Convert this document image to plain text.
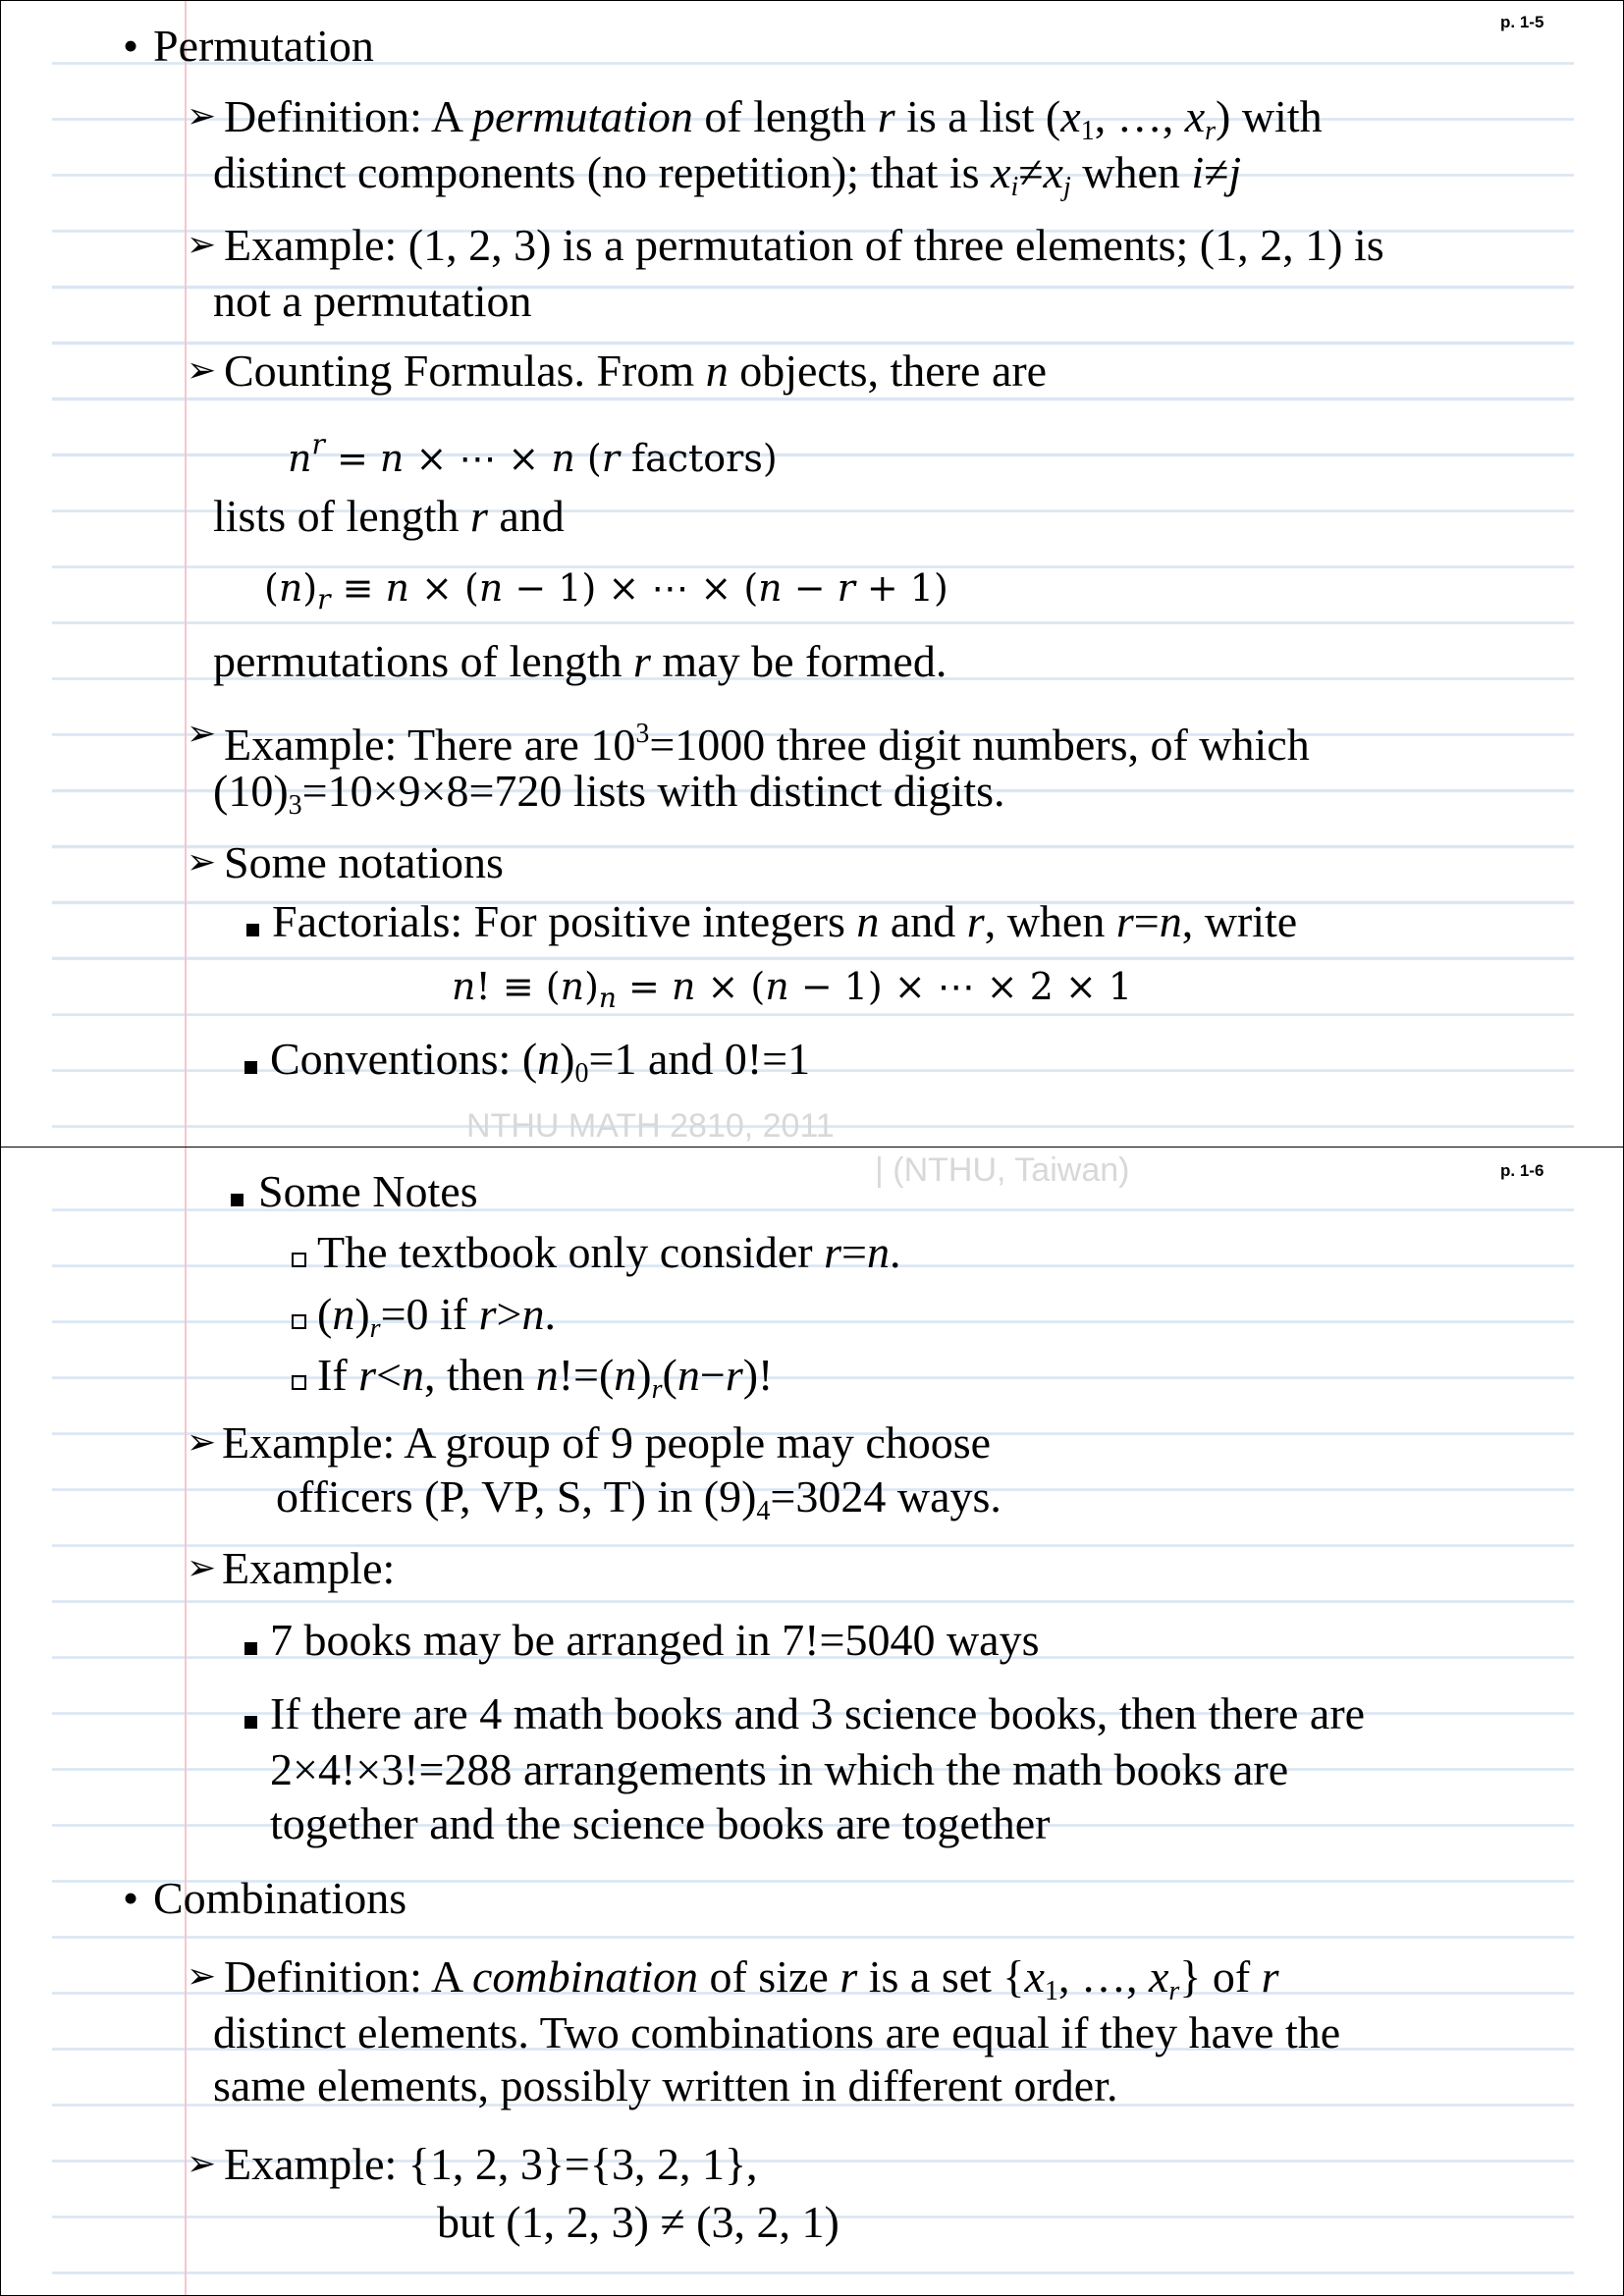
p. 1-5
• Permutation
➢ Definition: A permutation of length r is a list ($x_1$, …, xr) with
distinct components (no repetition); that is xi≠xj when i≠j
➢ Example: (1, 2, 3) is a permutation of three elements; (1, 2, 1) is
not a permutation
➢ Counting Formulas. From n objects, there are
$n^r = n$ × ⋯ × n (r factors)
lists of length r and
$(n)_r \equiv n \times (n - 1)$ × ⋯ × (n − r + 1)
permutations of length r may be formed.
➢ Example: There are $10^3=1000$ three digit numbers, of which
$(10)_3=10\times 9\times 8=720$ lists with distinct digits.
➢ Some notations
Factorials: For positive integers n and r, when r=n, write
n! ≡ $(n)_n = n \times (n - 1)$ × ⋯ × 2 × 1
Conventions: $(n)_0=1$ and 0!=1
NTHU MATH 2810, 2011
p. 1-6
| (NTHU, Taiwan)
Some Notes
The textbook only consider r=n.
(n)r=0 if r>n.
If r<n, then n!=(n)r(n−r)!
➢ Example: A group of 9 people may choose
officers (P, VP, S, T) in $(9)_4=3024$ ways.
➢ Example:
7 books may be arranged in 7!=5040 ways
If there are 4 math books and 3 science books, then there are
2×4!×3!=288 arrangements in which the math books are
together and the science books are together
• Combinations
➢ Definition: A combination of size r is a set {$x_1$, …, xr} of r
distinct elements. Two combinations are equal if they have the
same elements, possibly written in different order.
➢ Example: {1, 2, 3}={3, 2, 1},
but (1, 2, 3) ≠ (3, 2, 1)
